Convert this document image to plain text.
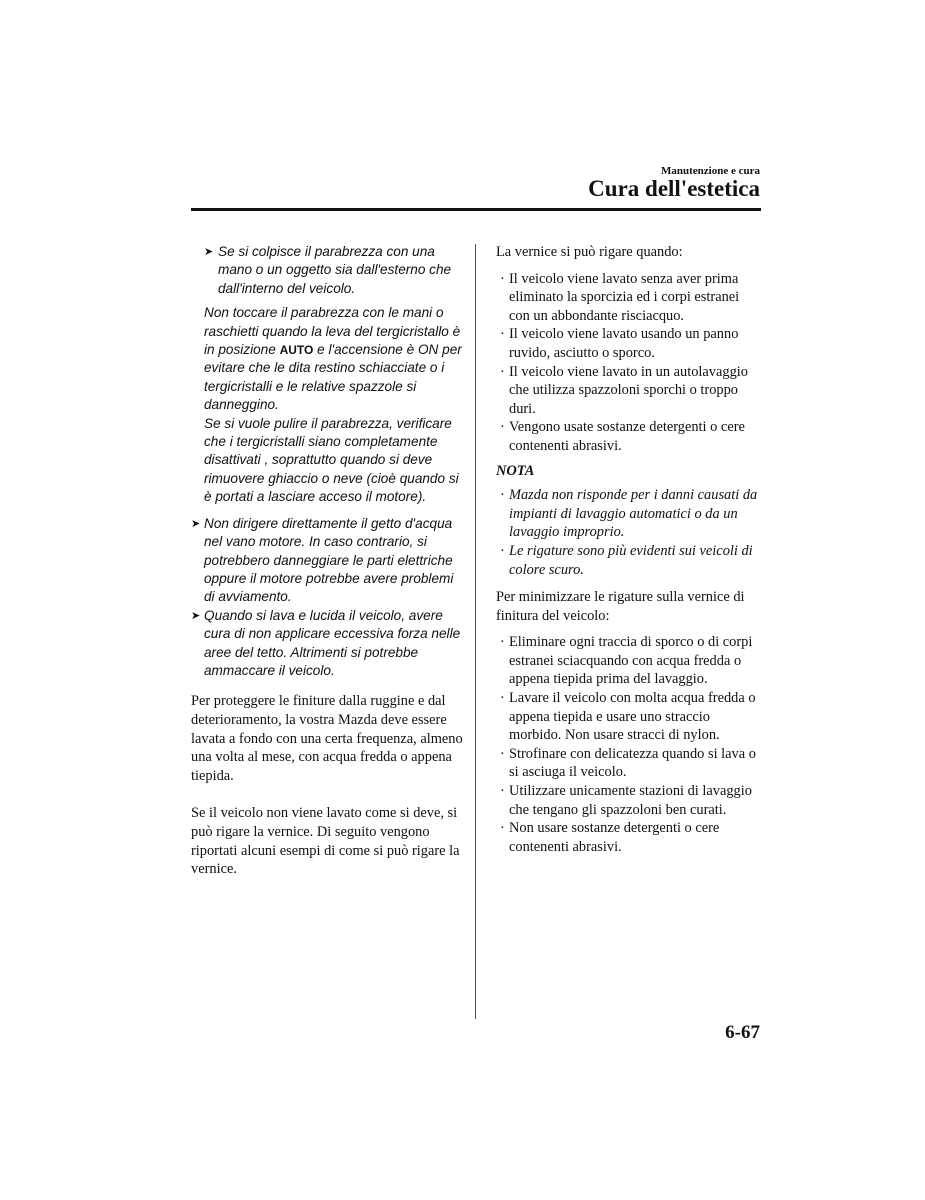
Manutenzione e cura
Cura dell'estetica
➤ Se si colpisce il parabrezza con una mano o un oggetto sia dall'esterno che dall'interno del veicolo.
Non toccare il parabrezza con le mani o raschietti quando la leva del tergicristallo è in posizione AUTO e l'accensione è ON per evitare che le dita restino schiacciate o i tergicristalli e le relative spazzole si danneggino.
Se si vuole pulire il parabrezza, verificare che i tergicristalli siano completamente disattivati , soprattutto quando si deve rimuovere ghiaccio o neve (cioè quando si è portati a lasciare acceso il motore).
➤ Non dirigere direttamente il getto d'acqua nel vano motore. In caso contrario, si potrebbero danneggiare le parti elettriche oppure il motore potrebbe avere problemi di avviamento.
➤ Quando si lava e lucida il veicolo, avere cura di non applicare eccessiva forza nelle aree del tetto. Altrimenti si potrebbe ammaccare il veicolo.
Per proteggere le finiture dalla ruggine e dal deterioramento, la vostra Mazda deve essere lavata a fondo con una certa frequenza, almeno una volta al mese, con acqua fredda o appena tiepida.
Se il veicolo non viene lavato come si deve, si può rigare la vernice. Di seguito vengono riportati alcuni esempi di come si può rigare la vernice.
La vernice si può rigare quando:
· Il veicolo viene lavato senza aver prima eliminato la sporcizia ed i corpi estranei con un abbondante risciacquo.
· Il veicolo viene lavato usando un panno ruvido, asciutto o sporco.
· Il veicolo viene lavato in un autolavaggio che utilizza spazzoloni sporchi o troppo duri.
· Vengono usate sostanze detergenti o cere contenenti abrasivi.
NOTA
· Mazda non risponde per i danni causati da impianti di lavaggio automatici o da un lavaggio improprio.
· Le rigature sono più evidenti sui veicoli di colore scuro.
Per minimizzare le rigature sulla vernice di finitura del veicolo:
· Eliminare ogni traccia di sporco o di corpi estranei sciacquando con acqua fredda o appena tiepida prima del lavaggio.
· Lavare il veicolo con molta acqua fredda o appena tiepida e usare uno straccio morbido. Non usare stracci di nylon.
· Strofinare con delicatezza quando si lava o si asciuga il veicolo.
· Utilizzare unicamente stazioni di lavaggio che tengano gli spazzoloni ben curati.
· Non usare sostanze detergenti o cere contenenti abrasivi.
6-67
